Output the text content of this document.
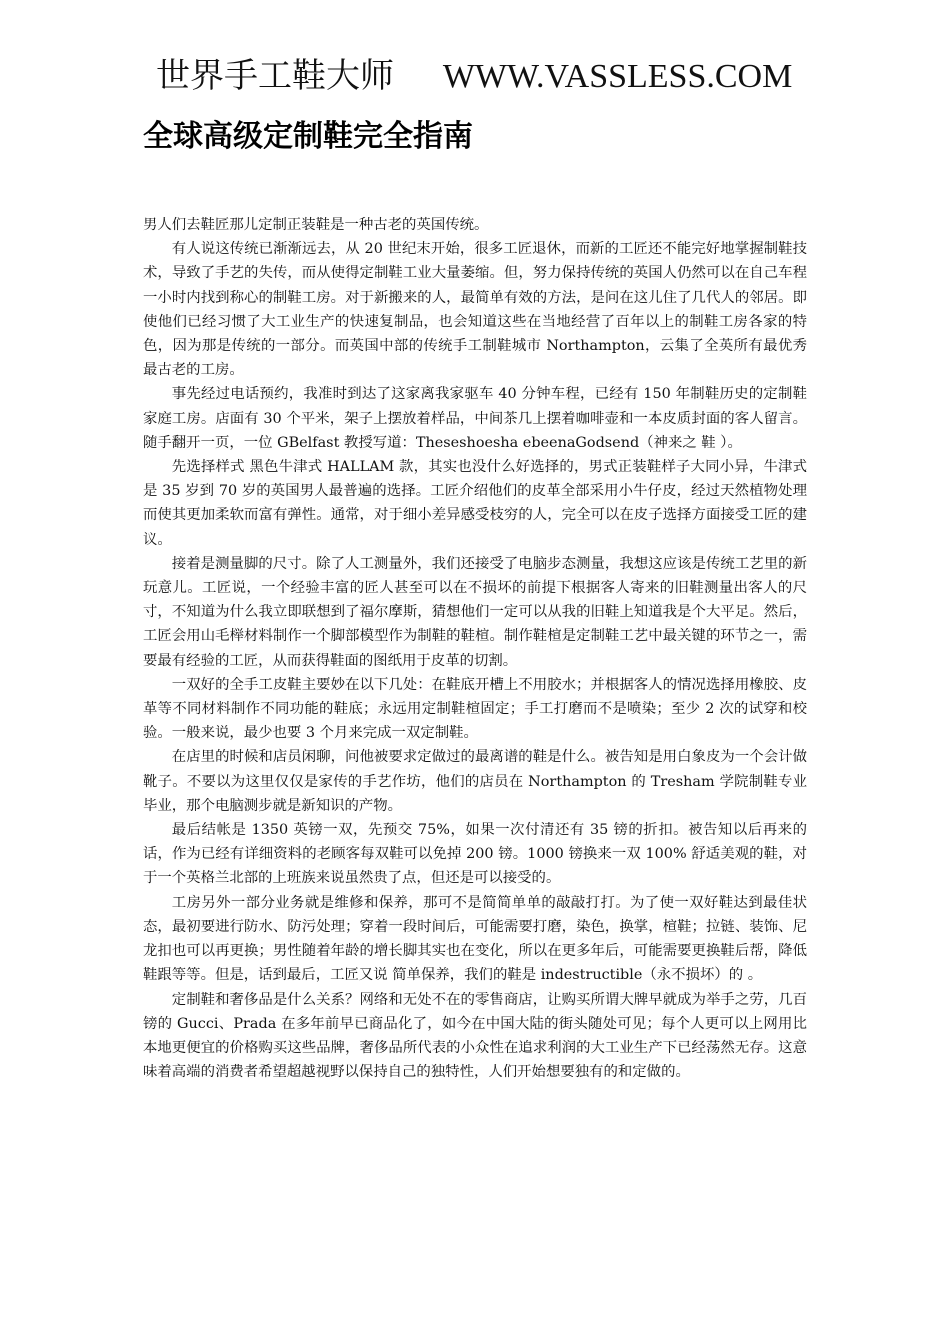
世界手工鞋大师 WWW.VASSLESS.COM
全球高级定制鞋完全指南

男人们去鞋匠那儿定制正装鞋是一种古老的英国传统。

有人说这传统已渐渐远去，从 20 世纪末开始，很多工匠退休，而新的工匠还不能完好地掌握制鞋技术，导致了手艺的失传，而从使得定制鞋工业大量萎缩。但，努力保持传统的英国人仍然可以在自己车程一小时内找到称心的制鞋工房。对于新搬来的人，最简单有效的方法，是问在这儿住了几代人的邻居。即使他们已经习惯了大工业生产的快速复制品，也会知道这些在当地经营了百年以上的制鞋工房各家的特色，因为那是传统的一部分。而英国中部的传统手工制鞋城市 Northampton，云集了全英所有最优秀最古老的工房。

事先经过电话预约，我准时到达了这家离我家驱车 40 分钟车程，已经有 150 年制鞋历史的定制鞋家庭工房。店面有 30 个平米，架子上摆放着样品，中间茶几上摆着咖啡壶和一本皮质封面的客人留言。随手翻开一页，一位 GBelfast 教授写道：Theseshoesha ebeenaGodsend（神来之 鞋 ）。

先选择样式 黑色牛津式 HALLAM 款，其实也没什么好选择的，男式正装鞋样子大同小异，牛津式是 35 岁到 70 岁的英国男人最普遍的选择。工匠介绍他们的皮革全部采用小牛仔皮，经过天然植物处理而使其更加柔软而富有弹性。通常，对于细小差异感受枝穷的人，完全可以在皮子选择方面接受工匠的建议。

接着是测量脚的尺寸。除了人工测量外，我们还接受了电脑步态测量，我想这应该是传统工艺里的新玩意儿。工匠说，一个经验丰富的匠人甚至可以在不损坏的前提下根据客人寄来的旧鞋测量出客人的尺寸，不知道为什么我立即联想到了福尔摩斯，猜想他们一定可以从我的旧鞋上知道我是个大平足。然后，工匠会用山毛榉材料制作一个脚部模型作为制鞋的鞋楦。制作鞋楦是定制鞋工艺中最关键的环节之一，需要最有经验的工匠，从而获得鞋面的图纸用于皮革的切割。

一双好的全手工皮鞋主要妙在以下几处：在鞋底开槽上不用胶水；并根据客人的情况选择用橡胶、皮革等不同材料制作不同功能的鞋底；永远用定制鞋楦固定；手工打磨而不是喷染；至少 2 次的试穿和校验。一般来说，最少也要 3 个月来完成一双定制鞋。

在店里的时候和店员闲聊，问他被要求定做过的最离谱的鞋是什么。被告知是用白象皮为一个会计做靴子。不要以为这里仅仅是家传的手艺作坊，他们的店员在 Northampton 的 Tresham 学院制鞋专业毕业，那个电脑测步就是新知识的产物。

最后结帐是 1350 英镑一双，先预交 75%，如果一次付清还有 35 镑的折扣。被告知以后再来的话，作为已经有详细资料的老顾客每双鞋可以免掉 200 镑。1000 镑换来一双 100% 舒适美观的鞋，对于一个英格兰北部的上班族来说虽然贵了点，但还是可以接受的。

工房另外一部分业务就是维修和保养，那可不是简简单单的敲敲打打。为了使一双好鞋达到最佳状态，最初要进行防水、防污处理；穿着一段时间后，可能需要打磨，染色，换掌，楦鞋；拉链、装饰、尼龙扣也可以再更换；男性随着年龄的增长脚其实也在变化，所以在更多年后，可能需要更换鞋后帮，降低鞋跟等等。但是，话到最后，工匠又说 简单保养，我们的鞋是 indestructible（永不损坏）的 。

定制鞋和奢侈品是什么关系？网络和无处不在的零售商店，让购买所谓大牌早就成为举手之劳，几百镑的 Gucci、Prada 在多年前早已商品化了，如今在中国大陆的街头随处可见；每个人更可以上网用比本地更便宜的价格购买这些品牌，奢侈品所代表的小众性在追求利润的大工业生产下已经荡然无存。这意味着高端的消费者希望超越视野以保持自己的独特性，人们开始想要独有的和定做的。
